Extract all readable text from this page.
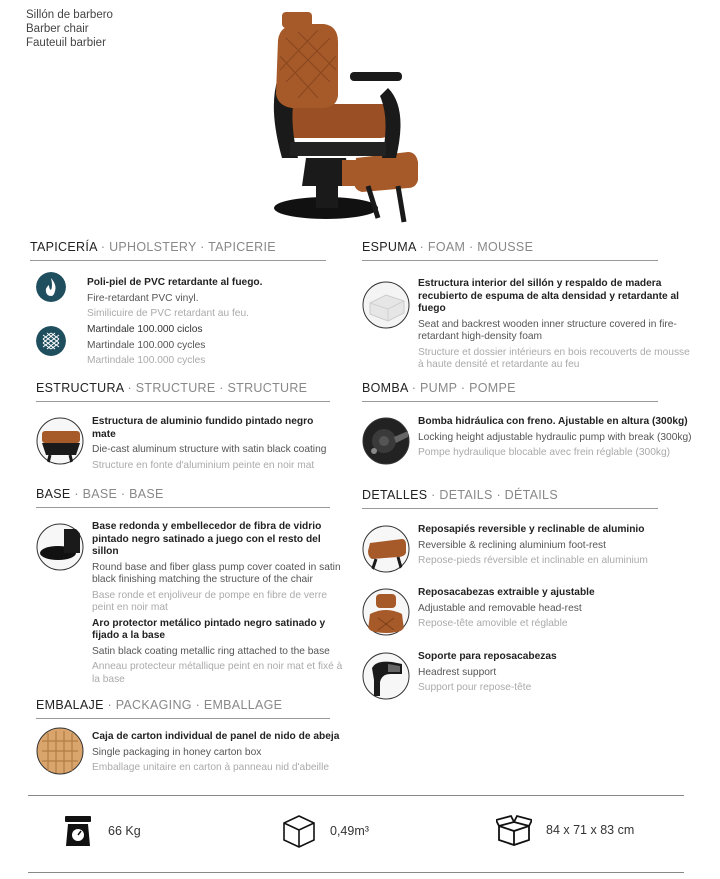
Sillón de barbero
Barber chair
Fauteuil barbier
TAPICERÍA · UPHOLSTERY · TAPICERIE
Poli-piel de PVC retardante al fuego.
Fire-retardant PVC vinyl.
Similicuire de PVC retardant au feu.
Martindale 100.000 ciclos
Martindale 100.000 cycles
Martindale 100.000 cycles
ESPUMA · FOAM · MOUSSE
Estructura interior del sillón y respaldo de madera recubierto de espuma de alta densidad y retardante al fuego
Seat and backrest wooden inner structure covered in fire-retardant high-density foam
Structure et dossier intérieurs en bois recouverts de mousse à haute densité et retardante au feu
ESTRUCTURA · STRUCTURE · STRUCTURE
Estructura de aluminio fundido pintado negro mate
Die-cast aluminum structure with satin black coating
Structure en fonte d'aluminium peinte en noir mat
BOMBA · PUMP · POMPE
Bomba hidráulica con freno. Ajustable en altura (300kg)
Locking height adjustable hydraulic pump with break (300kg)
Pompe hydraulique blocable avec frein réglable (300kg)
BASE · BASE · BASE
Base redonda y embellecedor de fibra de vidrio pintado negro satinado a juego con el resto del sillon
Round base and fiber glass pump cover coated in satin black finishing matching the structure of the chair
Base ronde et enjoliveur de pompe en fibre de verre peint en noir mat
Aro protector metálico pintado negro satinado y fijado a la base
Satin black coating metallic ring attached to the base
Anneau protecteur métallique peint en noir mat et fixé à la base
DETALLES · DETAILS · DÉTAILS
Reposapiés reversible y reclinable de aluminio
Reversible & reclining aluminium foot-rest
Repose-pieds réversible et inclinable en aluminium
Reposacabezas extraible y ajustable
Adjustable and removable head-rest
Repose-tête amovible et réglable
Soporte para reposacabezas
Headrest support
Support pour repose-tête
EMBALAJE · PACKAGING · EMBALLAGE
Caja de carton individual de panel de nido de abeja
Single packaging in honey carton box
Emballage unitaire en carton à panneau nid d'abeille
66 Kg	0,49m³	84 x 71 x 83 cm
